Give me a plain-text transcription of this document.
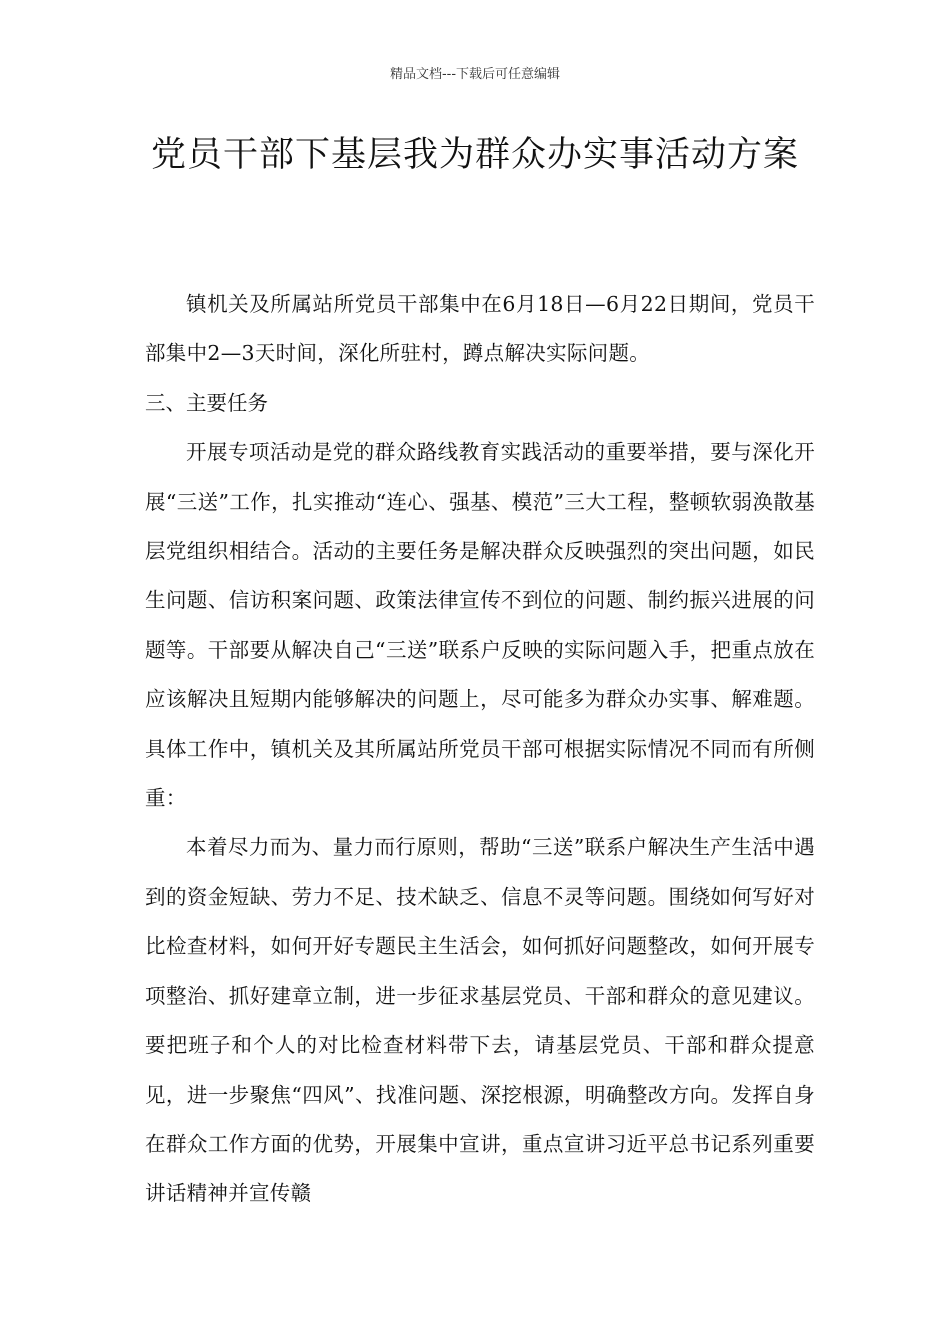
精品文档---下载后可任意编辑
党员干部下基层我为群众办实事活动方案

镇机关及所属站所党员干部集中在6月18日—6月22日期间，党员干部集中2—3天时间，深化所驻村，蹲点解决实际问题。

三、主要任务

开展专项活动是党的群众路线教育实践活动的重要举措，要与深化开展“三送”工作，扎实推动“连心、强基、模范”三大工程，整顿软弱涣散基层党组织相结合。活动的主要任务是解决群众反映强烈的突出问题，如民生问题、信访积案问题、政策法律宣传不到位的问题、制约振兴进展的问题等。干部要从解决自己“三送”联系户反映的实际问题入手，把重点放在应该解决且短期内能够解决的问题上，尽可能多为群众办实事、解难题。具体工作中，镇机关及其所属站所党员干部可根据实际情况不同而有所侧重：

本着尽力而为、量力而行原则，帮助“三送”联系户解决生产生活中遇到的资金短缺、劳力不足、技术缺乏、信息不灵等问题。围绕如何写好对比检查材料，如何开好专题民主生活会，如何抓好问题整改，如何开展专项整治、抓好建章立制，进一步征求基层党员、干部和群众的意见建议。要把班子和个人的对比检查材料带下去，请基层党员、干部和群众提意见，进一步聚焦“四风”、找准问题、深挖根源，明确整改方向。发挥自身在群众工作方面的优势，开展集中宣讲，重点宣讲习近平总书记系列重要讲话精神并宣传赣
